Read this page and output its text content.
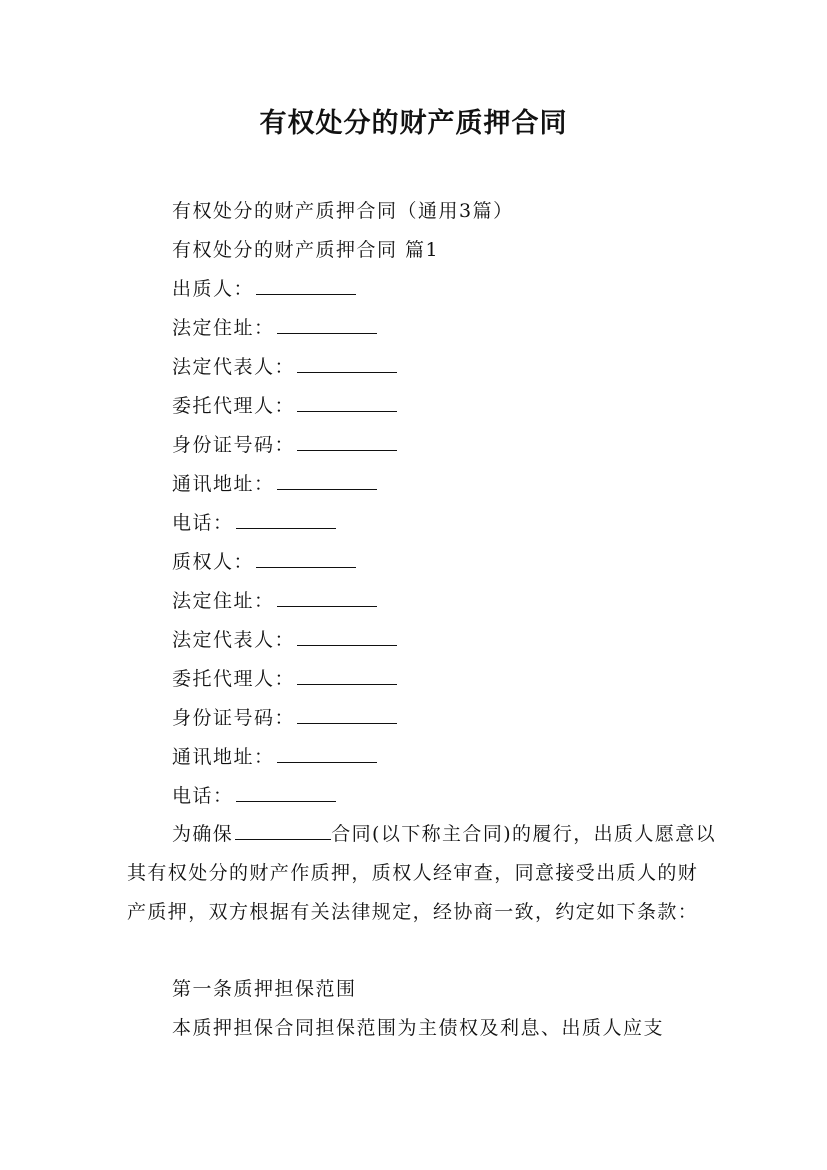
有权处分的财产质押合同
有权处分的财产质押合同（通用3篇）
有权处分的财产质押合同 篇1
出质人：
法定住址：
法定代表人：
委托代理人：
身份证号码：
通讯地址：
电话：
质权人：
法定住址：
法定代表人：
委托代理人：
身份证号码：
通讯地址：
电话：
为确保	合同(以下称主合同)的履行，出质人愿意以其有权处分的财产作质押，质权人经审查，同意接受出质人的财产质押，双方根据有关法律规定，经协商一致，约定如下条款：
第一条质押担保范围
本质押担保合同担保范围为主债权及利息、出质人应支
